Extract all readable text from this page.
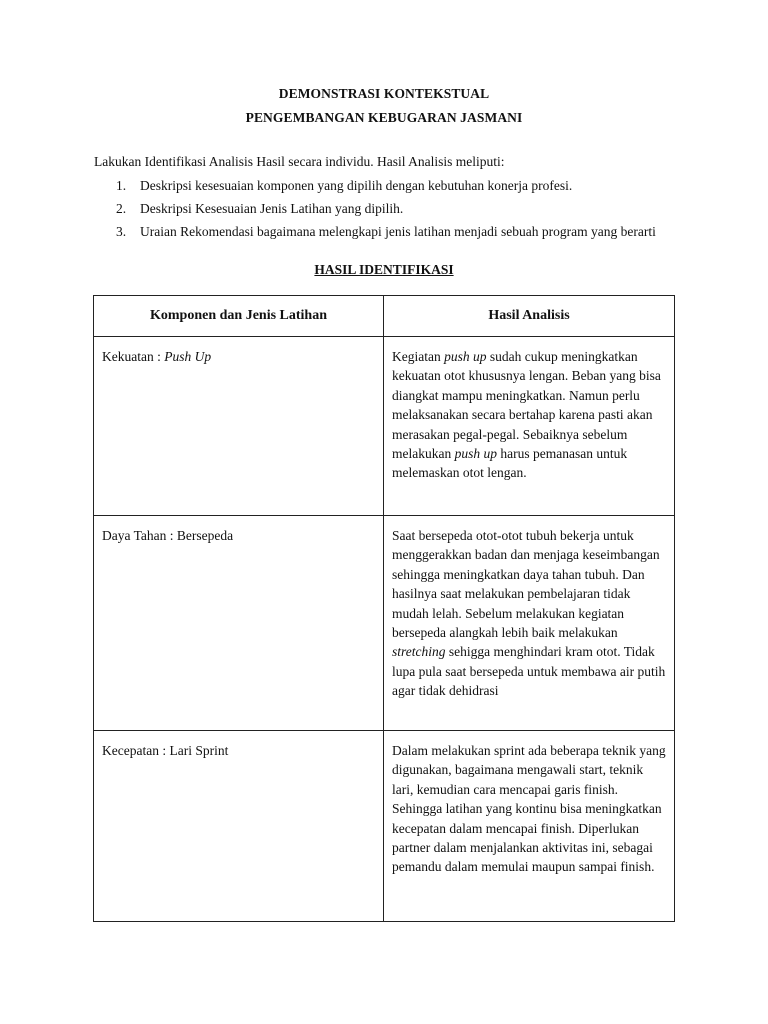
DEMONSTRASI KONTEKSTUAL
PENGEMBANGAN KEBUGARAN JASMANI
Lakukan Identifikasi Analisis Hasil secara individu. Hasil Analisis meliputi:
1.	Deskripsi kesesuaian komponen yang dipilih dengan kebutuhan konerja profesi.
2.	Deskripsi Kesesuaian Jenis Latihan yang dipilih.
3.	Uraian Rekomendasi bagaimana melengkapi jenis latihan menjadi sebuah program yang berarti
HASIL IDENTIFIKASI
Komponen dan Jenis Latihan	Hasil Analisis
Kekuatan : Push Up	Kegiatan push up sudah cukup meningkatkan kekuatan otot khususnya lengan. Beban yang bisa diangkat mampu meningkatkan. Namun perlu melaksanakan secara bertahap karena pasti akan merasakan pegal-pegal. Sebaiknya sebelum melakukan push up harus pemanasan untuk melemaskan otot lengan.
Daya Tahan : Bersepeda	Saat bersepeda otot-otot tubuh bekerja untuk menggerakkan badan dan menjaga keseimbangan sehingga meningkatkan daya tahan tubuh. Dan hasilnya saat melakukan pembelajaran tidak mudah lelah. Sebelum melakukan kegiatan bersepeda alangkah lebih baik melakukan stretching sehigga menghindari kram otot. Tidak lupa pula saat bersepeda untuk membawa air putih agar tidak dehidrasi
Kecepatan : Lari Sprint	Dalam melakukan sprint ada beberapa teknik yang digunakan, bagaimana mengawali start, teknik lari, kemudian cara mencapai garis finish. Sehingga latihan yang kontinu bisa meningkatkan kecepatan dalam mencapai finish. Diperlukan partner dalam menjalankan aktivitas ini, sebagai pemandu dalam memulai maupun sampai finish.
